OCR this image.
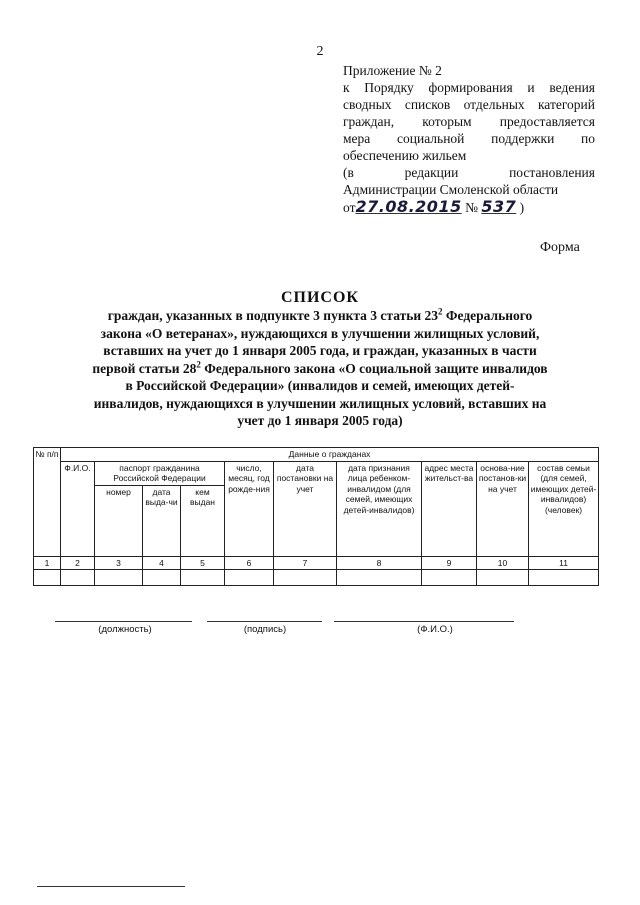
2
Приложение № 2
к Порядку формирования и ведения
сводных списков отдельных категорий
граждан, которым предоставляется
мера социальной поддержки по
обеспечению жильем
(в редакции постановления
Администрации Смоленской области
от27.08.2015 № 537 )
Форма
СПИСОК
граждан, указанных в подпункте 3 пункта 3 статьи $23^2$ Федерального закона «О ветеранах», нуждающихся в улучшении жилищных условий, вставших на учет до 1 января 2005 года, и граждан, указанных в части первой статьи $28^2$ Федерального закона «О социальной защите инвалидов в Российской Федерации» (инвалидов и семей, имеющих детей-инвалидов, нуждающихся в улучшении жилищных условий, вставших на учет до 1 января 2005 года)
№ п/п	Данные о гражданах									
	Ф.И.О.	паспорт гражданина Российской Федерации			число, месяц, год рожде-ния	дата постановки на учет	дата признания лица ребенком-инвалидом (для семей, имеющих детей-инвалидов)	адрес места жительст-ва	основа-ние постанов-ки на учет	состав семьи (для семей, имеющих детей-инвалидов) (человек)
		номер	дата выда-чи	кем выдан						
1	2	3	4	5	6	7	8	9	10	11

(должность)	(подпись)	(Ф.И.О.)
